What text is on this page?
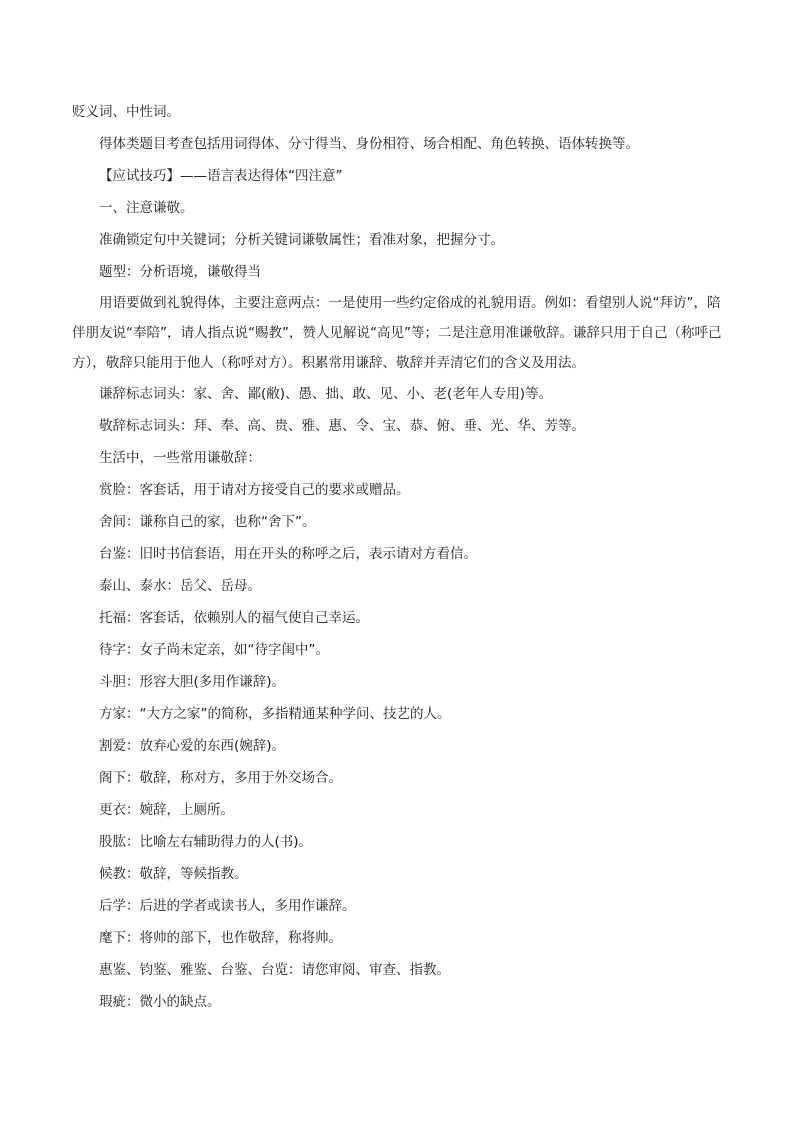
贬义词、中性词。

得体类题目考查包括用词得体、分寸得当、身份相符、场合相配、角色转换、语体转换等。

【应试技巧】——语言表达得体“四注意”

一、注意谦敬。

准确锁定句中关键词；分析关键词谦敬属性；看准对象，把握分寸。

题型：分析语境，谦敬得当

用语要做到礼貌得体，主要注意两点：一是使用一些约定俗成的礼貌用语。例如：看望别人说“拜访”，陪伴朋友说“奉陪”，请人指点说“赐教”，赞人见解说“高见”等；二是注意用准谦敬辞。谦辞只用于自己（称呼己方），敬辞只能用于他人（称呼对方）。积累常用谦辞、敬辞并弄清它们的含义及用法。

谦辞标志词头：家、舍、鄙(敝)、愚、拙、敢、见、小、老(老年人专用)等。

敬辞标志词头：拜、奉、高、贵、雅、惠、令、宝、恭、俯、垂、光、华、芳等。

生活中，一些常用谦敬辞：

赏脸：客套话，用于请对方接受自己的要求或赠品。

舍间：谦称自己的家，也称“舍下”。

台鉴：旧时书信套语，用在开头的称呼之后，表示请对方看信。

泰山、泰水：岳父、岳母。

托福：客套话，依赖别人的福气使自己幸运。

待字：女子尚未定亲，如“待字闺中”。

斗胆：形容大胆(多用作谦辞)。

方家：“大方之家”的简称，多指精通某种学问、技艺的人。

割爱：放弃心爱的东西(婉辞)。

阁下：敬辞，称对方，多用于外交场合。

更衣：婉辞，上厕所。

股肱：比喻左右辅助得力的人(书)。

候教：敬辞，等候指教。

后学：后进的学者或读书人，多用作谦辞。

麾下：将帅的部下，也作敬辞，称将帅。

惠鉴、钧鉴、雅鉴、台鉴、台览：请您审阅、审查、指教。

瑕疵：微小的缺点。
